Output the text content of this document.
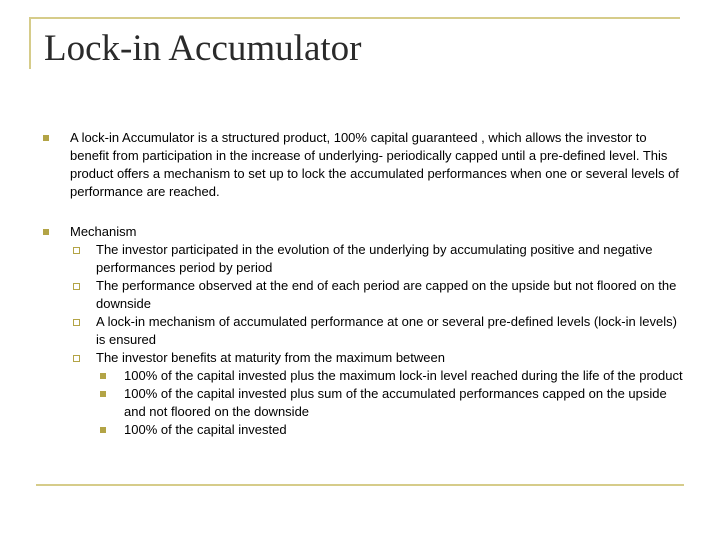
Lock-in Accumulator
A lock-in Accumulator is a structured product, 100% capital guaranteed , which allows the investor to benefit from participation in the increase of underlying- periodically capped until a pre-defined level. This product offers a mechanism to set up to lock the accumulated performances when one or several levels of performance are reached.
Mechanism
The investor participated in the evolution of the underlying by accumulating positive and negative performances period by period
The performance observed at the end of each period are capped on the upside but not floored on the downside
A lock-in mechanism of accumulated performance at one or several pre-defined levels (lock-in levels) is ensured
The investor benefits at maturity from the maximum between
100% of the capital invested plus the maximum lock-in level reached during the life of the product
100% of the capital invested plus sum of the accumulated performances capped on the upside and not floored on the downside
100% of the capital invested
